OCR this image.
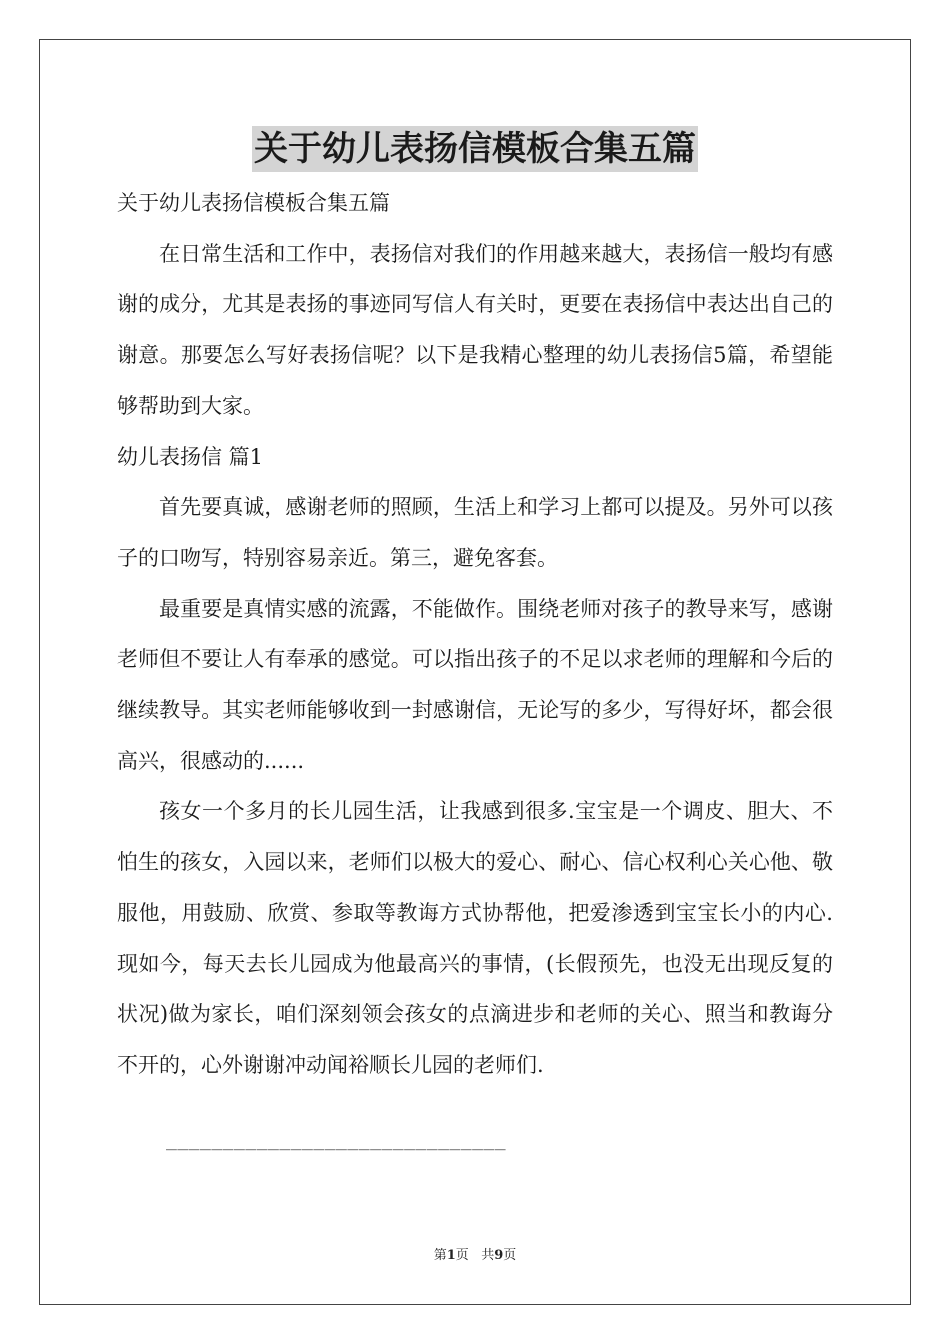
关于幼儿表扬信模板合集五篇

关于幼儿表扬信模板合集五篇

在日常生活和工作中，表扬信对我们的作用越来越大，表扬信一般均有感谢的成分，尤其是表扬的事迹同写信人有关时，更要在表扬信中表达出自己的谢意。那要怎么写好表扬信呢？以下是我精心整理的幼儿表扬信5篇，希望能够帮助到大家。

幼儿表扬信 篇1

首先要真诚，感谢老师的照顾，生活上和学习上都可以提及。另外可以孩子的口吻写，特别容易亲近。第三，避免客套。

最重要是真情实感的流露，不能做作。围绕老师对孩子的教导来写，感谢老师但不要让人有奉承的感觉。可以指出孩子的不足以求老师的理解和今后的继续教导。其实老师能够收到一封感谢信，无论写的多少，写得好坏，都会很高兴，很感动的......

孩女一个多月的长儿园生活，让我感到很多.宝宝是一个调皮、胆大、不怕生的孩女，入园以来，老师们以极大的爱心、耐心、信心权利心关心他、敬服他，用鼓励、欣赏、参取等教诲方式协帮他，把爱渗透到宝宝长小的内心.现如今，每天去长儿园成为他最高兴的事情，(长假预先，也没无出现反复的状况)做为家长，咱们深刻领会孩女的点滴进步和老师的关心、照当和教诲分不开的，心外谢谢冲动闻裕顺长儿园的老师们.

______________________________
第1页 共9页
